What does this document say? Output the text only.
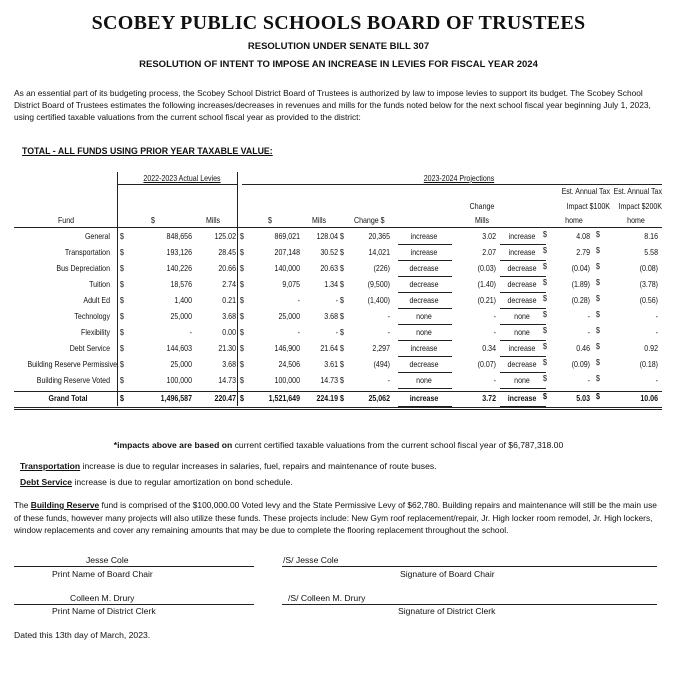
SCOBEY PUBLIC SCHOOLS BOARD OF TRUSTEES
RESOLUTION UNDER SENATE BILL 307
RESOLUTION OF INTENT TO IMPOSE AN INCREASE IN LEVIES FOR FISCAL YEAR 2024
As an essential part of its budgeting process, the Scobey School District Board of Trustees is authorized by law to impose levies to support its budget. The Scobey School District Board of Trustees estimates the following increases/decreases in revenues and mills for the funds noted below for the next school fiscal year beginning July 1, 2023, using certified taxable valuations from the current school fiscal year as provided to the district:
TOTAL - ALL FUNDS USING PRIOR YEAR TAXABLE VALUE:
2022-2023 Actual Levies	2023-2024 Projections
Est. Annual Tax Est. Annual Tax
Change	Impact $100K	Impact $200K
Fund	$	Mills	$	Mills	Change $	Mills	home	home
General $	848,656	125.02 $	869,021	128.04 $	20,365	increase	3.02	increase $	4.08 $	8.16
Transportation $	193,126	28.45 $	207,148	30.52 $	14,021	increase	2.07	increase $	2.79 $	5.58
Bus Depreciation $	140,226	20.66 $	140,000	20.63 $	(226)	decrease	(0.03)	decrease $	(0.04) $	(0.08)
Tuition $	18,576	2.74 $	9,075	1.34 $	(9,500)	decrease	(1.40)	decrease $	(1.89) $	(3.78)
Adult Ed $	1,400	0.21 $	-	- $	(1,400)	decrease	(0.21)	decrease $	(0.28) $	(0.56)
Technology $	25,000	3.68 $	25,000	3.68 $	-	none	-	none	$	- $	-
Flexibility $	-	0.00 $	-	- $	-	none	-	none	$	- $	-
Debt Service $	144,603	21.30 $	146,900	21.64 $	2,297	increase	0.34	increase $	0.46 $	0.92
Building Reserve Permissive $	25,000	3.68 $	24,506	3.61 $	(494)	decrease	(0.07)	decrease $	(0.09) $	(0.18)
Building Reserve Voted $	100,000	14.73 $	100,000	14.73 $	-	none	-	none	$	- $	-
Grand Total	$	1,496,587	220.47 $	1,521,649	224.19 $	25,062	increase	3.72	increase $	5.03 $	10.06
*impacts above are based on current certified taxable valuations from the current school fiscal year of $6,787,318.00
Transportation increase is due to regular increases in salaries, fuel, repairs and maintenance of route buses.
Debt Service increase is due to regular amortization on bond schedule.
The Building Reserve fund is comprised of the $100,000.00 Voted levy and the State Permissive Levy of $62,780. Building repairs and maintenance will still be the main use of these funds, however many projects will also utilize these funds. These projects include: New Gym roof replacement/repair, Jr. High locker room remodel, Jr. High lockers, window replacements and cover any remaining amounts that may be due to complete the flooring replacement throughout the school.
Jesse Cole	/S/ Jesse Cole
Print Name of Board Chair	Signature of Board Chair
Colleen M. Drury	/S/ Colleen M. Drury
Print Name of District Clerk	Signature of District Clerk
Dated this 13th day of March, 2023.
